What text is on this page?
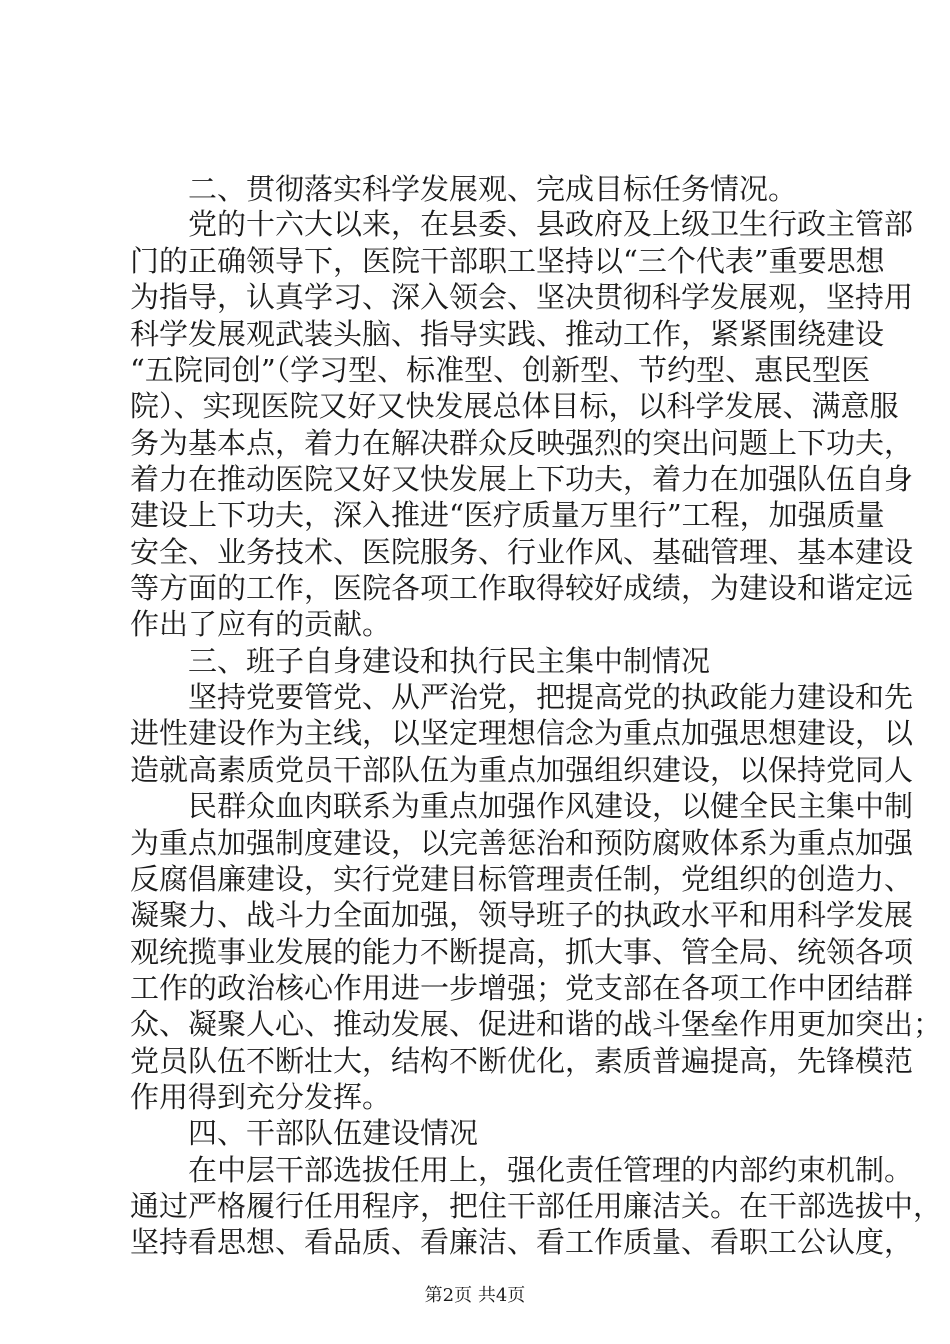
二、贯彻落实科学发展观、完成目标任务情况。
党的十六大以来，在县委、县政府及上级卫生行政主管部
门的正确领导下，医院干部职工坚持以“三个代表”重要思想
为指导，认真学习、深入领会、坚决贯彻科学发展观，坚持用
科学发展观武装头脑、指导实践、推动工作，紧紧围绕建设
“五院同创”（学习型、标准型、创新型、节约型、惠民型医
院）、实现医院又好又快发展总体目标，以科学发展、满意服
务为基本点，着力在解决群众反映强烈的突出问题上下功夫，
着力在推动医院又好又快发展上下功夫，着力在加强队伍自身
建设上下功夫，深入推进“医疗质量万里行”工程，加强质量
安全、业务技术、医院服务、行业作风、基础管理、基本建设
等方面的工作，医院各项工作取得较好成绩，为建设和谐定远
作出了应有的贡献。
三、班子自身建设和执行民主集中制情况
坚持党要管党、从严治党，把提高党的执政能力建设和先
进性建设作为主线，以坚定理想信念为重点加强思想建设，以
造就高素质党员干部队伍为重点加强组织建设，以保持党同人
民群众血肉联系为重点加强作风建设，以健全民主集中制
为重点加强制度建设，以完善惩治和预防腐败体系为重点加强
反腐倡廉建设，实行党建目标管理责任制，党组织的创造力、
凝聚力、战斗力全面加强，领导班子的执政水平和用科学发展
观统揽事业发展的能力不断提高，抓大事、管全局、统领各项
工作的政治核心作用进一步增强；党支部在各项工作中团结群
众、凝聚人心、推动发展、促进和谐的战斗堡垒作用更加突出；
党员队伍不断壮大，结构不断优化，素质普遍提高，先锋模范
作用得到充分发挥。
四、干部队伍建设情况
在中层干部选拔任用上，强化责任管理的内部约束机制。
通过严格履行任用程序，把住干部任用廉洁关。在干部选拔中，
坚持看思想、看品质、看廉洁、看工作质量、看职工公认度，
第2页 共4页
